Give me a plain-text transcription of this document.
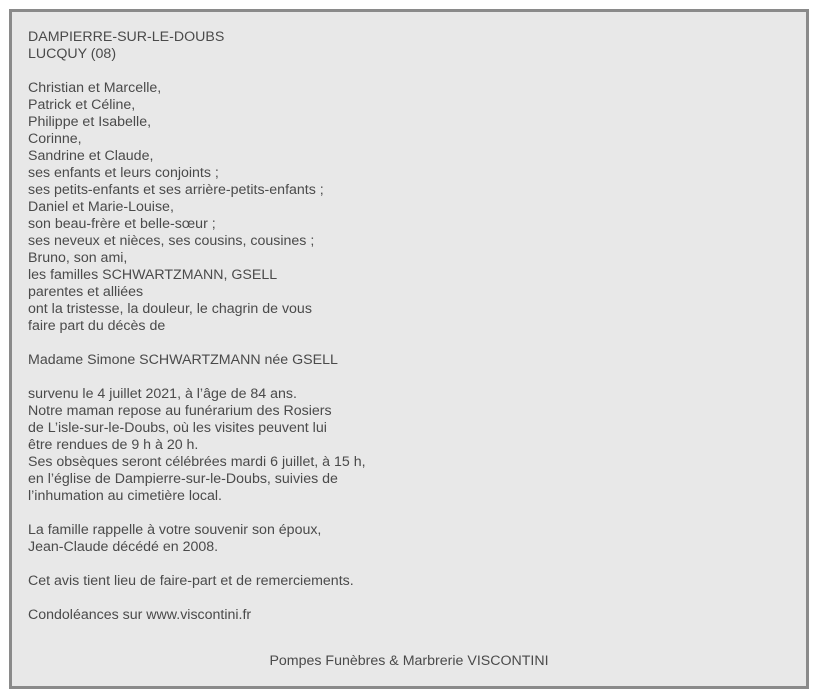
DAMPIERRE-SUR-LE-DOUBS
LUCQUY (08)
Christian et Marcelle,
Patrick et Céline,
Philippe et Isabelle,
Corinne,
Sandrine et Claude,
ses enfants et leurs conjoints ;
ses petits-enfants et ses arrière-petits-enfants ;
Daniel et Marie-Louise,
son beau-frère et belle-sœur ;
ses neveux et nièces, ses cousins, cousines ;
Bruno, son ami,
les familles SCHWARTZMANN, GSELL
parentes et alliées
ont la tristesse, la douleur, le chagrin de vous
faire part du décès de
Madame Simone SCHWARTZMANN née GSELL
survenu le 4 juillet 2021, à l’âge de 84 ans.
Notre maman repose au funérarium des Rosiers
de L’isle-sur-le-Doubs, où les visites peuvent lui
être rendues de 9 h à 20 h.
Ses obsèques seront célébrées mardi 6 juillet, à 15 h,
en l’église de Dampierre-sur-le-Doubs, suivies de
l’inhumation au cimetière local.
La famille rappelle à votre souvenir son époux,
Jean-Claude décédé en 2008.
Cet avis tient lieu de faire-part et de remerciements.
Condoléances sur www.viscontini.fr
Pompes Funèbres & Marbrerie VISCONTINI
